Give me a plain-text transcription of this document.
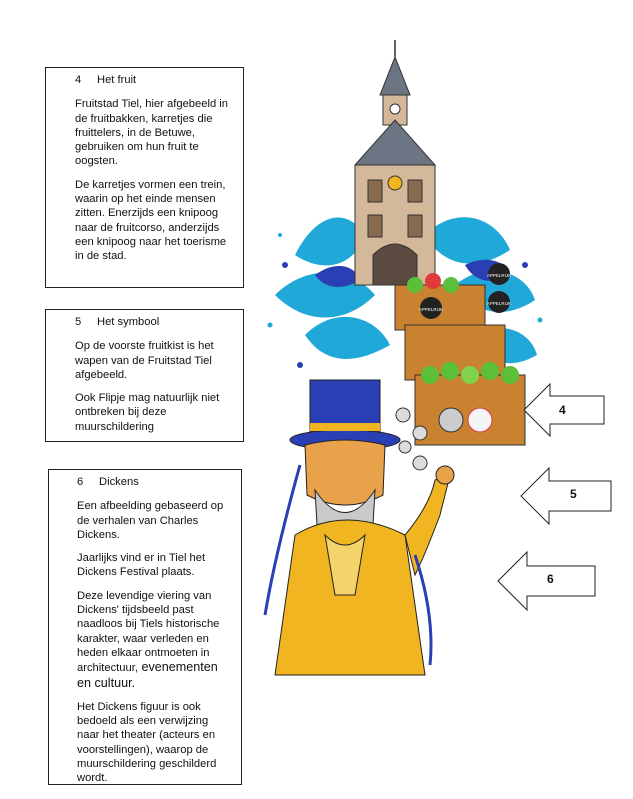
4 Het fruit

Fruitstad Tiel, hier afgebeeld in de fruitbakken, karretjes die fruittelers, in de Betuwe, gebruiken om hun fruit te oogsten.

De karretjes vormen een trein, waarin op het einde mensen zitten. Enerzijds een knipoog naar de fruitcorso, anderzijds een knipoog naar het toerisme in de stad.

5 Het symbool

Op de voorste fruitkist is het wapen van de Fruitstad Tiel afgebeeld.

Ook Flipje mag natuurlijk niet ontbreken bij deze muurschildering

6 Dickens

Een afbeelding gebaseerd op de verhalen van Charles Dickens.

Jaarlijks vind er in Tiel het Dickens Festival plaats.

Deze levendige viering van Dickens' tijdsbeeld past naadloos bij Tiels historische karakter, waar verleden en heden elkaar ontmoeten in architectuur, evenementen en cultuur.

Het Dickens figuur is ook bedoeld als een verwijzing naar het theater (acteurs en voorstellingen), waarop de muurschildering geschilderd wordt.

APPELRIJK
APPELRIJK
APPELRIJK
4
5
6
